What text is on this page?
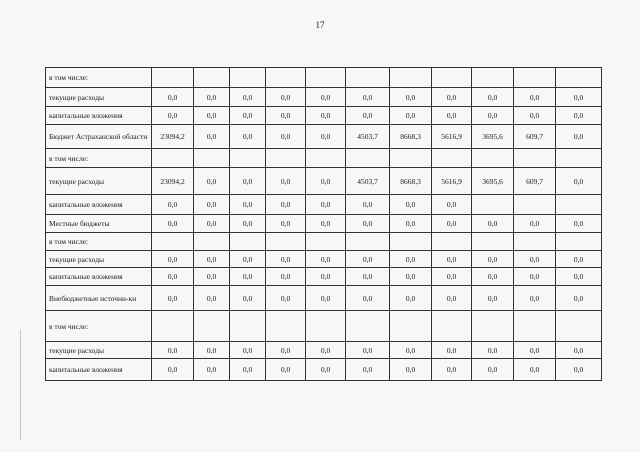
17
в том числе:											
текущие расходы	0,0	0,0	0,0	0,0	0,0	0,0	0,0	0,0	0,0	0,0	0,0
капитальные вложения	0,0	0,0	0,0	0,0	0,0	0,0	0,0	0,0	0,0	0,0	0,0
Бюджет Астраханской области	23094,2	0,0	0,0	0,0	0,0	4503,7	8668,3	5616,9	3695,6	609,7	0,0
в том числе:											
текущие расходы	23094,2	0,0	0,0	0,0	0,0	4503,7	8668,3	5616,9	3695,6	609,7	0,0
капитальные вложения	0,0	0,0	0,0	0,0	0,0	0,0	0,0	0,0			
Местные бюджеты	0,0	0,0	0,0	0,0	0,0	0,0	0,0	0,0	0,0	0,0	0,0
в том числе:											
текущие расходы	0,0	0,0	0,0	0,0	0,0	0,0	0,0	0,0	0,0	0,0	0,0
капитальные вложения	0,0	0,0	0,0	0,0	0,0	0,0	0,0	0,0	0,0	0,0	0,0
Внебюджетные источни-ки	0,0	0,0	0,0	0,0	0,0	0,0	0,0	0,0	0,0	0,0	0,0
в том числе:											
текущие расходы	0,0	0,0	0,0	0,0	0,0	0,0	0,0	0,0	0,0	0,0	0,0
капитальные вложения	0,0	0,0	0,0	0,0	0,0	0,0	0,0	0,0	0,0	0,0	0,0
